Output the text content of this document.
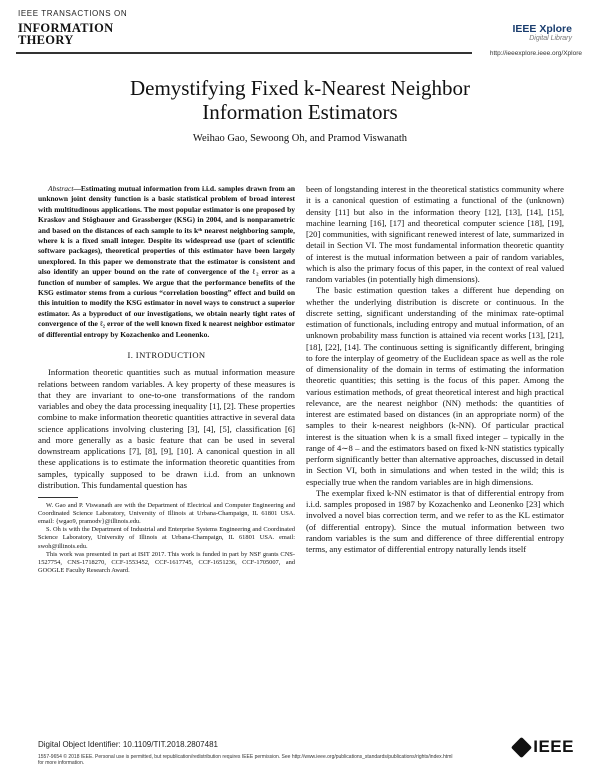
IEEE TRANSACTIONS ON
INFORMATION
THEORY
IEEE Xplore
Digital Library
http://ieeexplore.ieee.org/Xplore
Demystifying Fixed k-Nearest Neighbor
Information Estimators
Weihao Gao, Sewoong Oh, and Pramod Viswanath

Abstract—Estimating mutual information from i.i.d. samples drawn from an unknown joint density function is a basic statistical problem of broad interest with multitudinous applications. The most popular estimator is one proposed by Kraskov and Stögbauer and Grassberger (KSG) in 2004, and is nonparametric and based on the distances of each sample to its kᵗʰ nearest neighboring sample, where k is a fixed small integer. Despite its widespread use (part of scientific software packages), theoretical properties of this estimator have been largely unexplored. In this paper we demonstrate that the estimator is consistent and also identify an upper bound on the rate of convergence of the ℓ₂ error as a function of number of samples. We argue that the performance benefits of the KSG estimator stems from a curious “correlation boosting” effect and build on this intuition to modify the KSG estimator in novel ways to construct a superior estimator. As a byproduct of our investigations, we obtain nearly tight rates of convergence of the ℓ₂ error of the well known fixed k nearest neighbor estimator of differential entropy by Kozachenko and Leonenko.

I. INTRODUCTION

Information theoretic quantities such as mutual information measure relations between random variables. A key property of these measures is that they are invariant to one-to-one transformations of the random variables and obey the data processing inequality [1], [2]. These properties combine to make information theoretic quantities attractive in several data science applications involving clustering [3], [4], [5], classification [6] and more generally as a basic feature that can be used in several downstream applications [7], [8], [9], [10]. A canonical question in all these applications is to estimate the information theoretic quantities from samples, typically supposed to be drawn i.i.d. from an unknown distribution. This fundamental question has

W. Gao and P. Viswanath are with the Department of Electrical and Computer Engineering and Coordinated Science Laboratory, University of Illinois at Urbana-Champaign, IL 61801 USA. email: {wgao9, pramodv}@illinois.edu.

S. Oh is with the Department of Industrial and Enterprise Systems Engineering and Coordinated Science Laboratory, University of Illinois at Urbana-Champaign, IL 61801 USA. email: swoh@illinois.edu.

This work was presented in part at ISIT 2017. This work is funded in part by NSF grants CNS-1527754, CNS-1718270, CCF-1553452, CCF-1617745, CCF-1651236, CCF-1705007, and GOOGLE Faculty Research Award.

been of longstanding interest in the theoretical statistics community where it is a canonical question of estimating a functional of the (unknown) density [11] but also in the information theory [12], [13], [14], [15], machine learning [16], [17] and theoretical computer science [18], [19], [20] communities, with significant renewed interest of late, summarized in detail in Section VI. The most fundamental information theoretic quantity of interest is the mutual information between a pair of random variables, which is also the primary focus of this paper, in the context of real valued random variables (in potentially high dimensions).

The basic estimation question takes a different hue depending on whether the underlying distribution is discrete or continuous. In the discrete setting, significant understanding of the minimax rate-optimal estimation of functionals, including entropy and mutual information, of an unknown probability mass function is attained via recent works [13], [21], [18], [22], [14]. The continuous setting is significantly different, bringing to fore the interplay of geometry of the Euclidean space as well as the role of dimensionality of the domain in terms of estimating the information theoretic quantities; this setting is the focus of this paper. Among the various estimation methods, of great theoretical interest and high practical relevance, are the nearest neighbor (NN) methods: the quantities of interest are estimated based on distances (in an appropriate norm) of the samples to their k-nearest neighbors (k-NN). Of particular practical interest is the situation when k is a small fixed integer – typically in the range of 4∼8 – and the estimators based on fixed k-NN statistics typically perform significantly better than alternative approaches, discussed in detail in Section VI, both in simulations and when tested in the wild; this is especially true when the random variables are in high dimensions.

The exemplar fixed k-NN estimator is that of differential entropy from i.i.d. samples proposed in 1987 by Kozachenko and Leonenko [23] which involved a novel bias correction term, and we refer to as the KL estimator (of differential entropy). Since the mutual information between two random variables is the sum and difference of three differential entropy terms, any estimator of differential entropy naturally lends itself

Digital Object Identifier: 10.1109/TIT.2018.2807481
1557-9654 © 2018 IEEE. Personal use is permitted, but republication/redistribution requires IEEE permission. See http://www.ieee.org/publications_standards/publications/rights/index.html for more information.
IEEE
